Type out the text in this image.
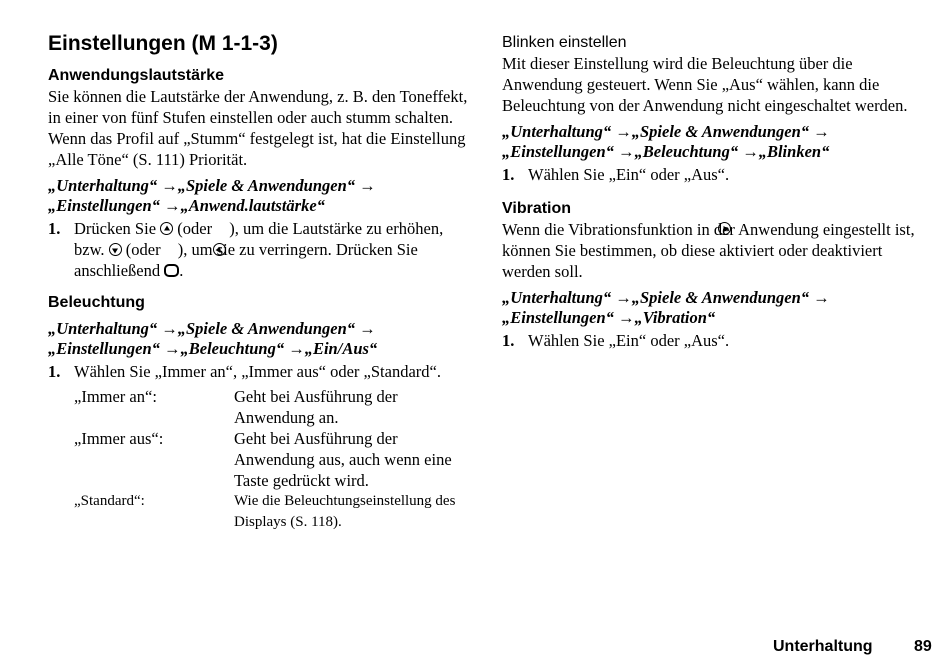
Einstellungen (M 1-1-3)
Anwendungslautstärke

Sie können die Lautstärke der Anwendung, z. B. den Toneffekt, in einer von fünf Stufen einstellen oder auch stumm schalten. Wenn das Profil auf „Stumm“ festgelegt ist, hat die Einstellung „Alle Töne“ (S. 111) Priorität.

„Unterhaltung“ →„Spiele & Anwendungen“ → „Einstellungen“ →„Anwend.lautstärke“
1. Drücken Sie (oder ), um die Lautstärke zu erhöhen, bzw. (oder ), um sie zu verringern. Drücken Sie anschließend .
Beleuchtung
„Unterhaltung“ →„Spiele & Anwendungen“ → „Einstellungen“ →„Beleuchtung“ →„Ein/Aus“
1. Wählen Sie „Immer an“, „Immer aus“ oder „Standard“.
„Immer an“:	Geht bei Ausführung der Anwendung an.
„Immer aus“:	Geht bei Ausführung der Anwendung aus, auch wenn eine Taste gedrückt wird.
„Standard“:	Wie die Beleuchtungseinstellung des Displays (S. 118).
Blinken einstellen

Mit dieser Einstellung wird die Beleuchtung über die Anwendung gesteuert. Wenn Sie „Aus“ wählen, kann die Beleuchtung von der Anwendung nicht eingeschaltet werden.

„Unterhaltung“ →„Spiele & Anwendungen“ → „Einstellungen“ →„Beleuchtung“ →„Blinken“
1. Wählen Sie „Ein“ oder „Aus“.
Vibration

Wenn die Vibrationsfunktion in der Anwendung eingestellt ist, können Sie bestimmen, ob diese aktiviert oder deaktiviert werden soll.

„Unterhaltung“ →„Spiele & Anwendungen“ → „Einstellungen“ →„Vibration“
1. Wählen Sie „Ein“ oder „Aus“.
Unterhaltung	89
